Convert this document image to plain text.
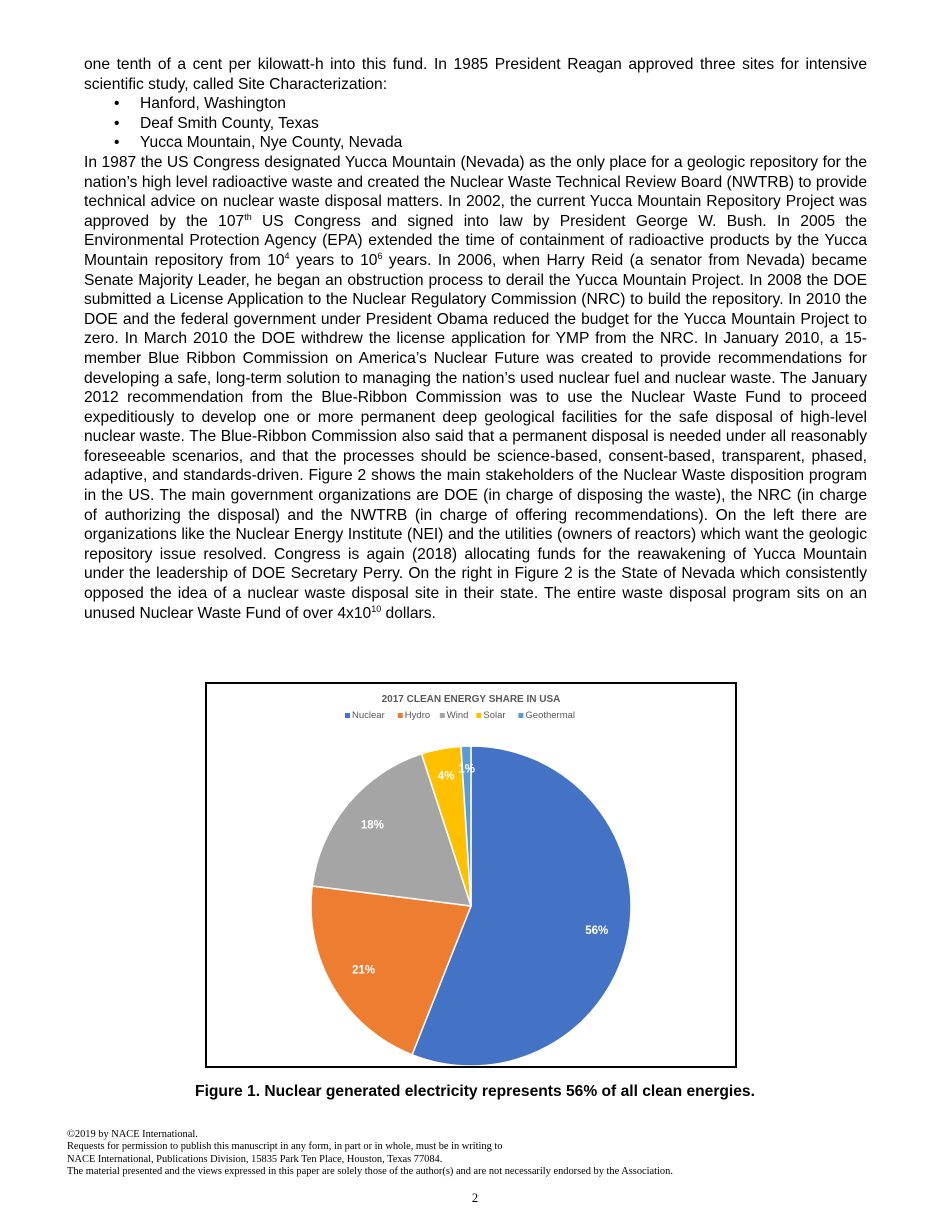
one tenth of a cent per kilowatt-h into this fund. In 1985 President Reagan approved three sites for intensive scientific study, called Site Characterization:

• Hanford, Washington
• Deaf Smith County, Texas
• Yucca Mountain, Nye County, Nevada

In 1987 the US Congress designated Yucca Mountain (Nevada) as the only place for a geologic repository for the nation’s high level radioactive waste and created the Nuclear Waste Technical Review Board (NWTRB) to provide technical advice on nuclear waste disposal matters. In 2002, the current Yucca Mountain Repository Project was approved by the 107th US Congress and signed into law by President George W. Bush. In 2005 the Environmental Protection Agency (EPA) extended the time of containment of radioactive products by the Yucca Mountain repository from $10^4$ years to $10^6$ years. In 2006, when Harry Reid (a senator from Nevada) became Senate Majority Leader, he began an obstruction process to derail the Yucca Mountain Project. In 2008 the DOE submitted a License Application to the Nuclear Regulatory Commission (NRC) to build the repository. In 2010 the DOE and the federal government under President Obama reduced the budget for the Yucca Mountain Project to zero. In March 2010 the DOE withdrew the license application for YMP from the NRC. In January 2010, a 15-member Blue Ribbon Commission on America’s Nuclear Future was created to provide recommendations for developing a safe, long-term solution to managing the nation’s used nuclear fuel and nuclear waste. The January 2012 recommendation from the Blue-Ribbon Commission was to use the Nuclear Waste Fund to proceed expeditiously to develop one or more permanent deep geological facilities for the safe disposal of high-level nuclear waste. The Blue-Ribbon Commission also said that a permanent disposal is needed under all reasonably foreseeable scenarios, and that the processes should be science-based, consent-based, transparent, phased, adaptive, and standards-driven. Figure 2 shows the main stakeholders of the Nuclear Waste disposition program in the US. The main government organizations are DOE (in charge of disposing the waste), the NRC (in charge of authorizing the disposal) and the NWTRB (in charge of offering recommendations). On the left there are organizations like the Nuclear Energy Institute (NEI) and the utilities (owners of reactors) which want the geologic repository issue resolved. Congress is again (2018) allocating funds for the reawakening of Yucca Mountain under the leadership of DOE Secretary Perry. On the right in Figure 2 is the State of Nevada which consistently opposed the idea of a nuclear waste disposal site in their state. The entire waste disposal program sits on an unused Nuclear Waste Fund of over $4x10^{10}$ dollars.

2017 CLEAN ENERGY SHARE IN USA
Nuclear Hydro Wind Solar Geothermal
56%
21%
18%
4%
1%
Figure 1. Nuclear generated electricity represents 56% of all clean energies.
©2019 by NACE International.
Requests for permission to publish this manuscript in any form, in part or in whole, must be in writing to
NACE International, Publications Division, 15835 Park Ten Place, Houston, Texas 77084.
The material presented and the views expressed in this paper are solely those of the author(s) and are not necessarily endorsed by the Association.
2
